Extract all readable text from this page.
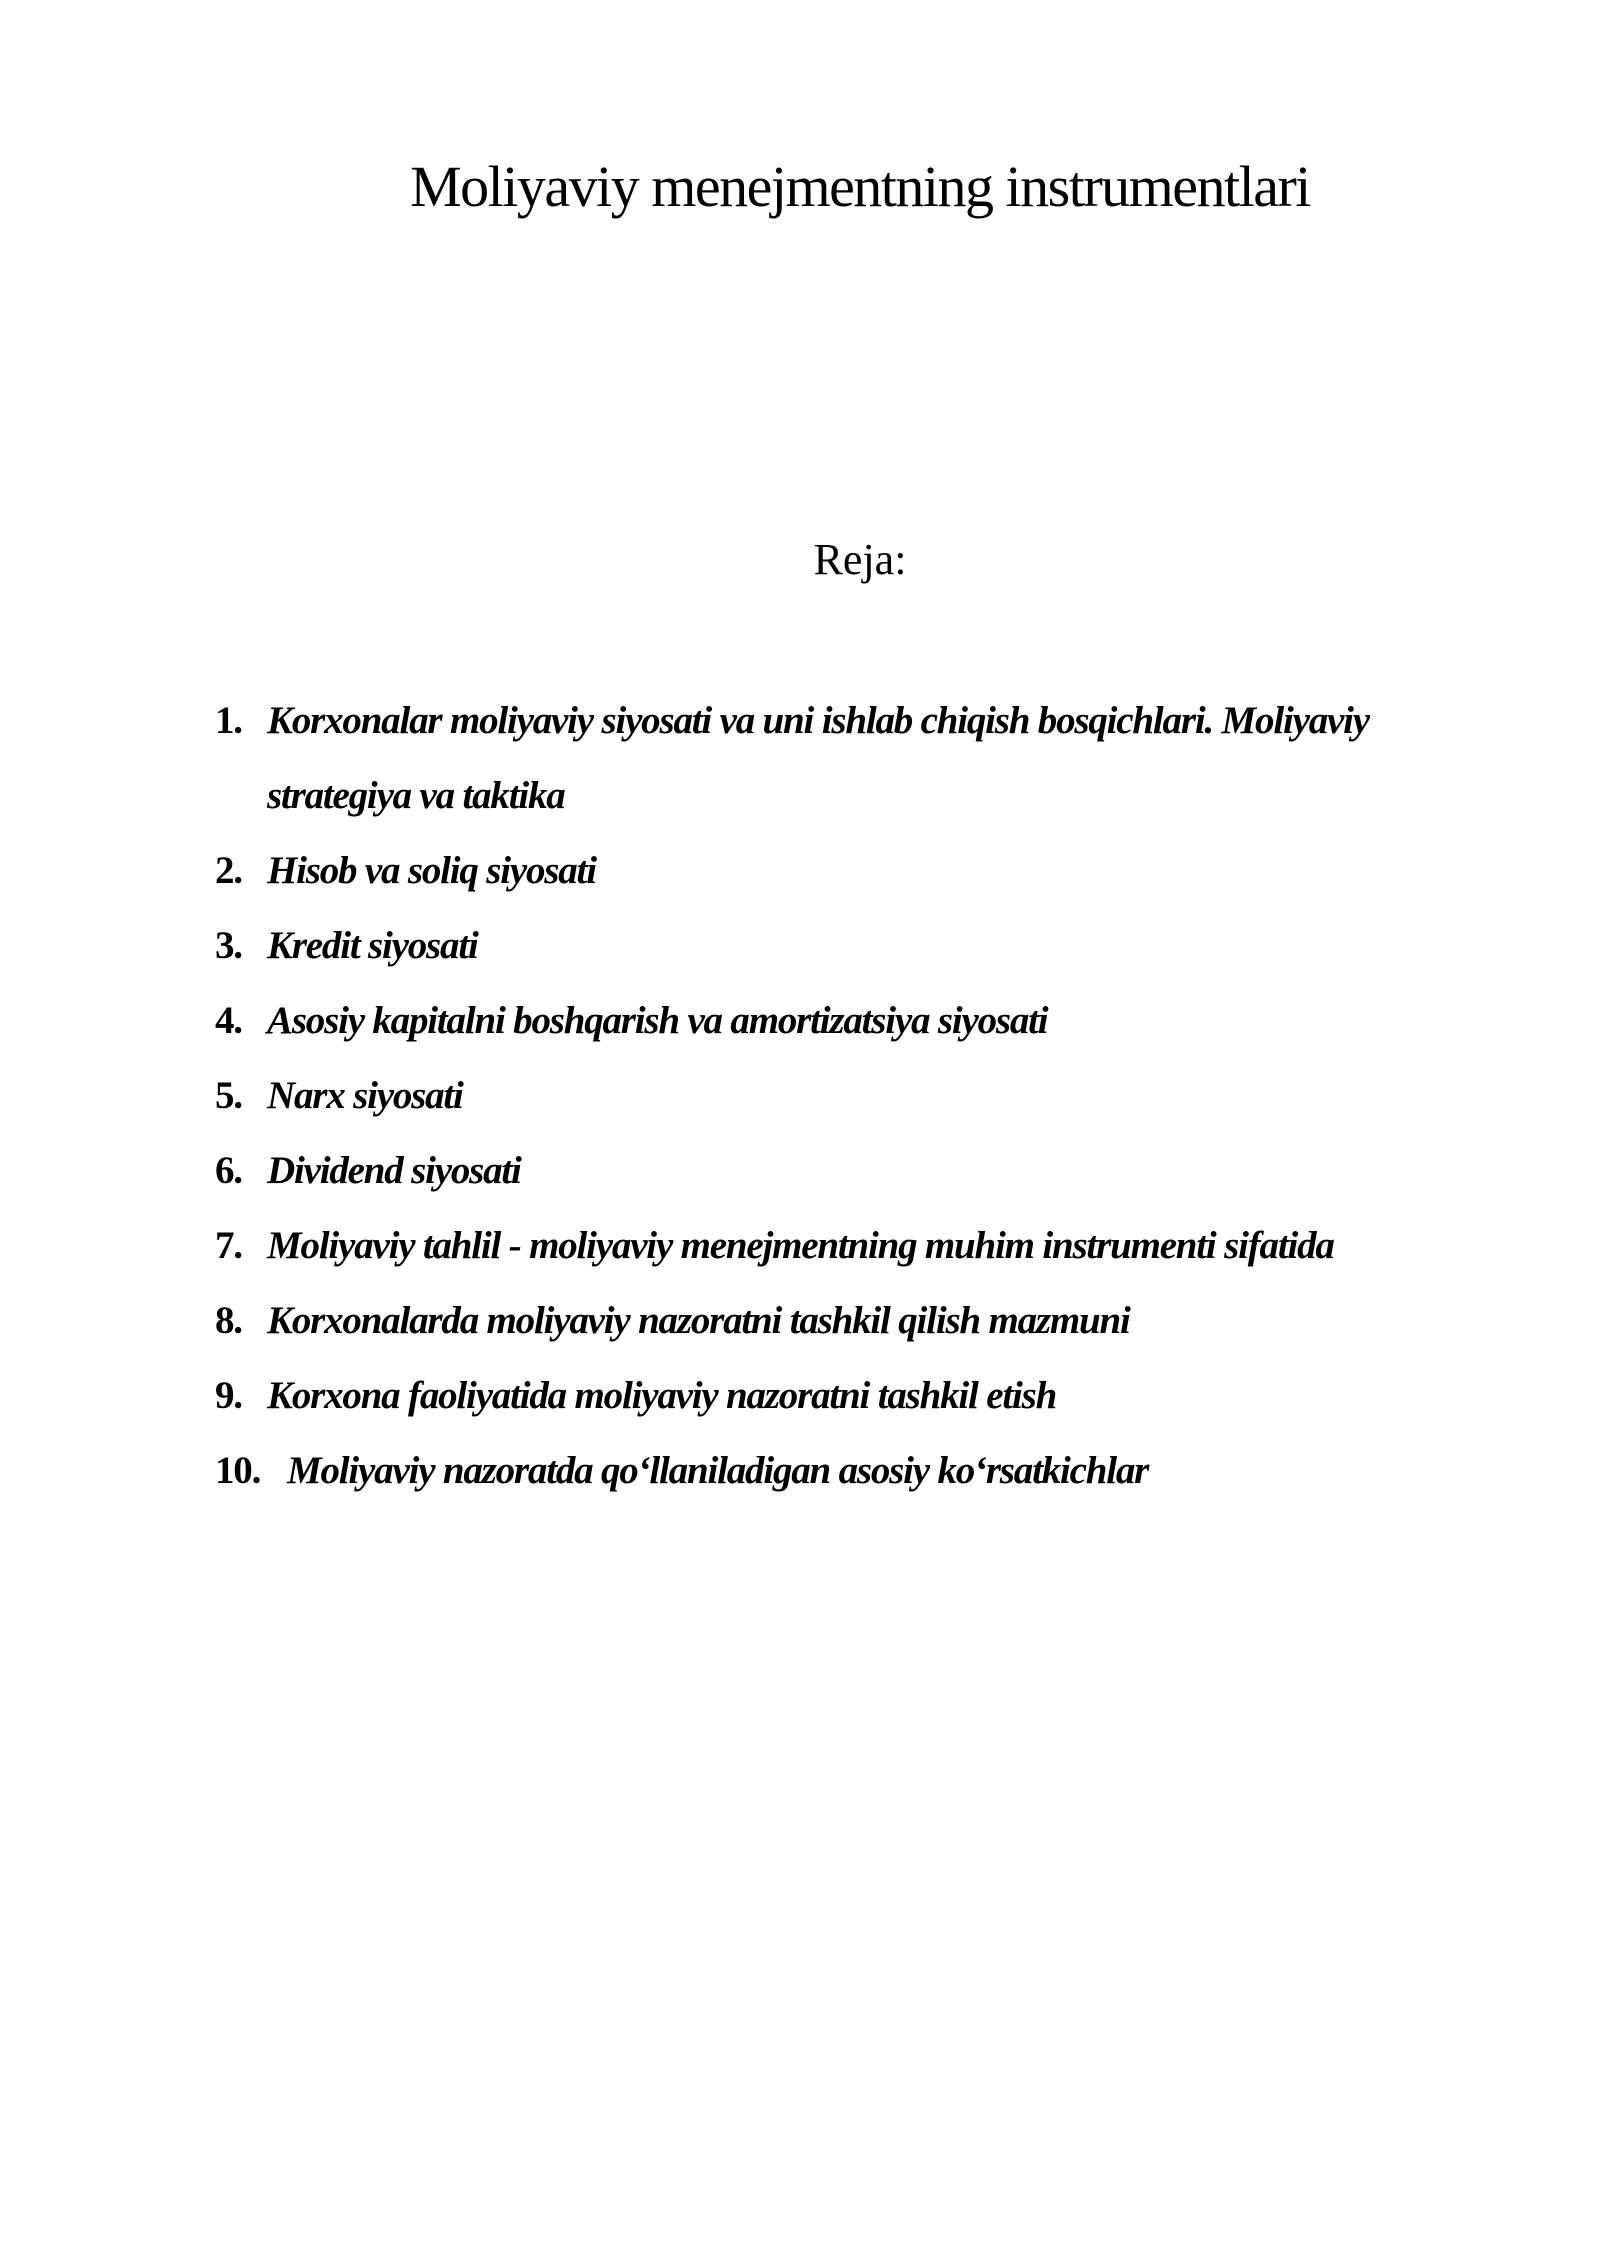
Moliyaviy menejmentning instrumentlari

Reja:

1. Korxonalar moliyaviy siyosati va uni ishlab chiqish bosqichlari. Moliyaviy strategiya va taktika
2. Hisob va soliq siyosati
3. Kredit siyosati
4. Asosiy kapitalni boshqarish va amortizatsiya siyosati
5. Narx siyosati
6. Dividend siyosati
7. Moliyaviy tahlil - moliyaviy menejmentning muhim instrumenti sifatida
8. Korxonalarda moliyaviy nazoratni tashkil qilish mazmuni
9. Korxona faoliyatida moliyaviy nazoratni tashkil etish
10. Moliyaviy nazoratda qo‘llaniladigan asosiy ko‘rsatkichlar
